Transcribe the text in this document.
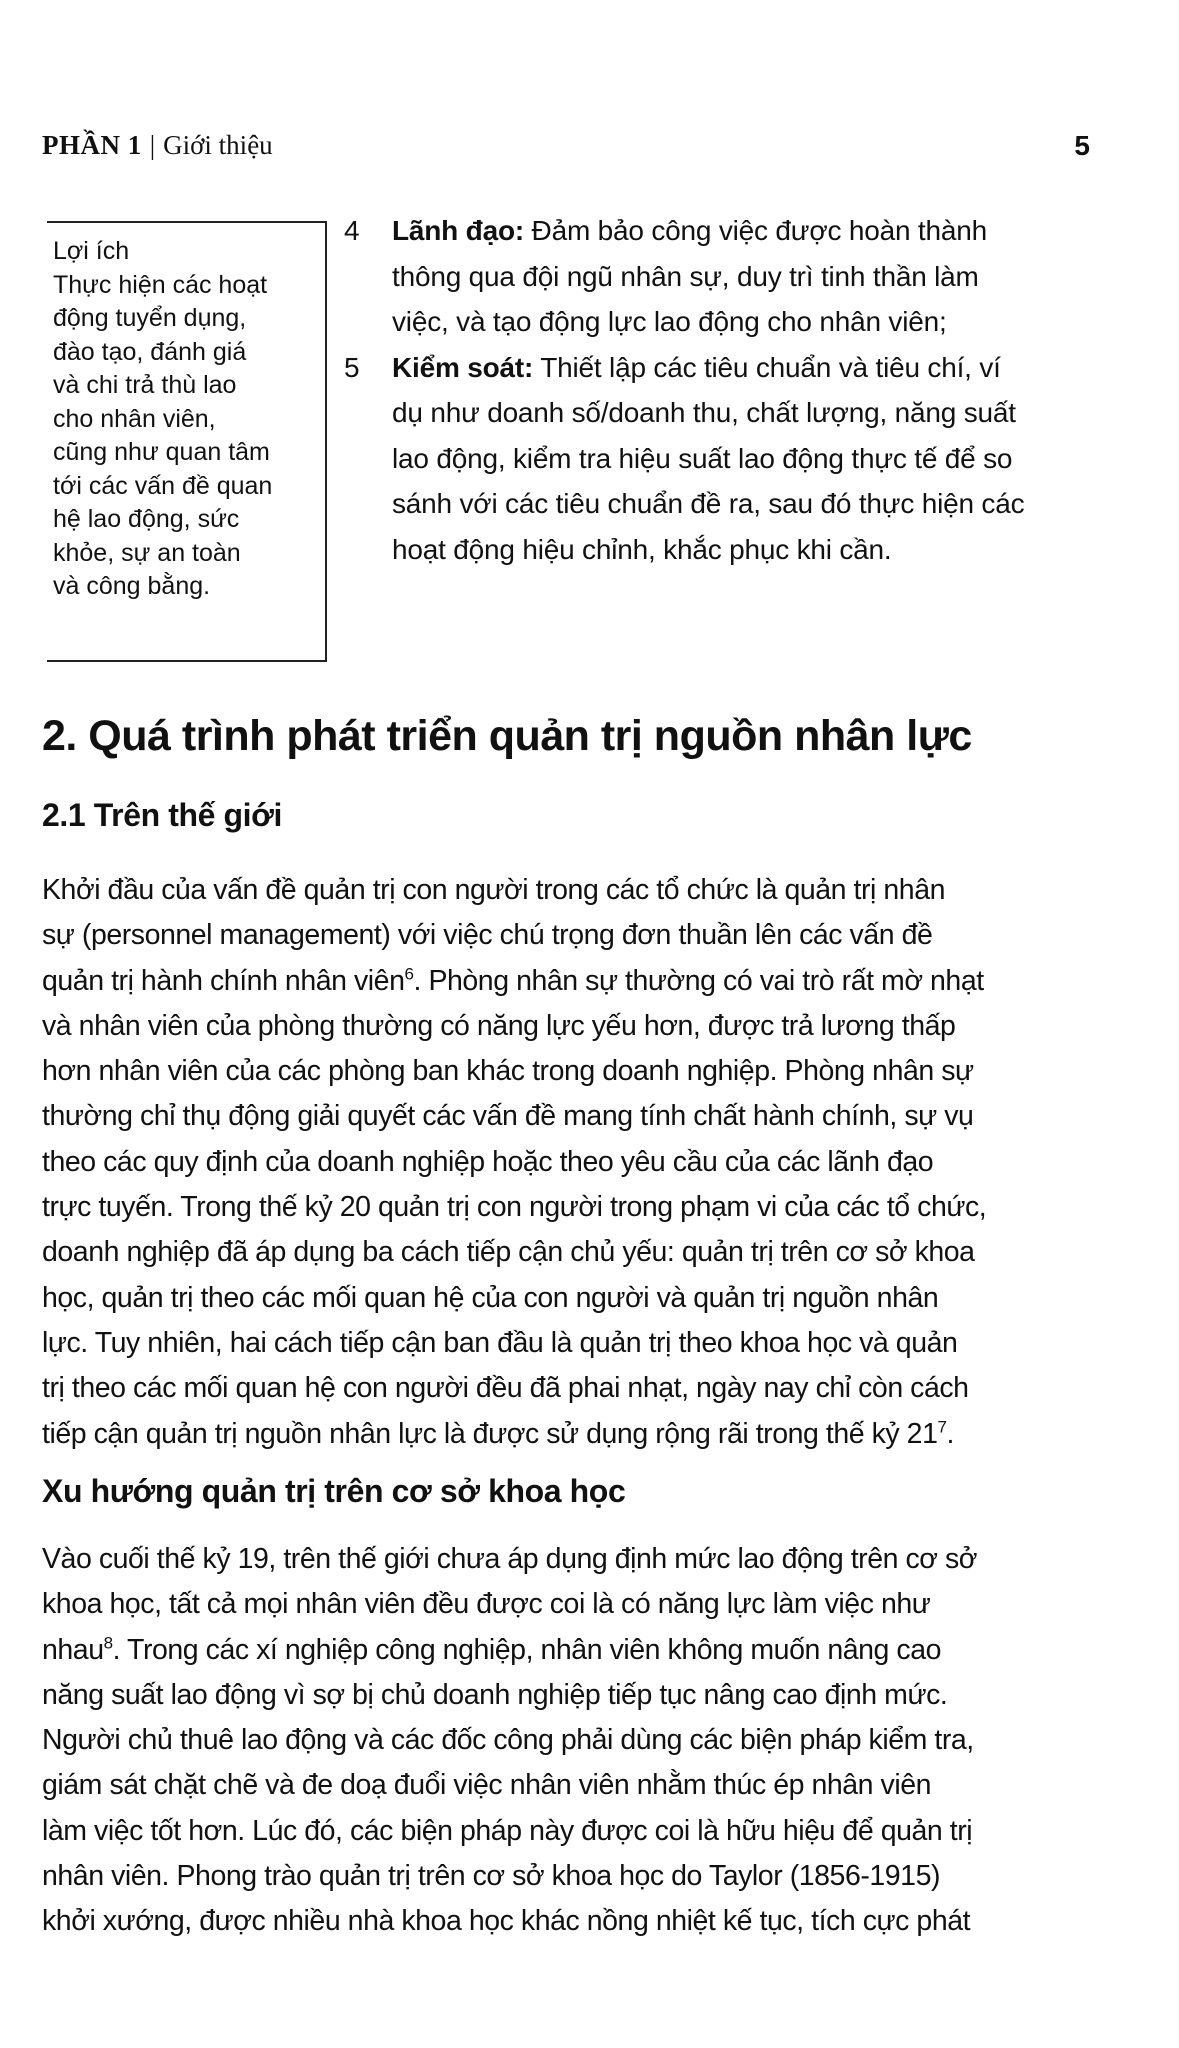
PHẦN 1 | Giới thiệu	5
Lợi ích
Thực hiện các hoạt
động tuyển dụng,
đào tạo, đánh giá
và chi trả thù lao
cho nhân viên,
cũng như quan tâm
tới các vấn đề quan
hệ lao động, sức
khỏe, sự an toàn
và công bằng.
4 Lãnh đạo: Đảm bảo công việc được hoàn thành
thông qua đội ngũ nhân sự, duy trì tinh thần làm
việc, và tạo động lực lao động cho nhân viên;
5 Kiểm soát: Thiết lập các tiêu chuẩn và tiêu chí, ví
dụ như doanh số/doanh thu, chất lượng, năng suất
lao động, kiểm tra hiệu suất lao động thực tế để so
sánh với các tiêu chuẩn đề ra, sau đó thực hiện các
hoạt động hiệu chỉnh, khắc phục khi cần.
2. Quá trình phát triển quản trị nguồn nhân lực
2.1 Trên thế giới
Khởi đầu của vấn đề quản trị con người trong các tổ chức là quản trị nhân
sự (personnel management) với việc chú trọng đơn thuần lên các vấn đề
quản trị hành chính nhân viên$^6$. Phòng nhân sự thường có vai trò rất mờ nhạt
và nhân viên của phòng thường có năng lực yếu hơn, được trả lương thấp
hơn nhân viên của các phòng ban khác trong doanh nghiệp. Phòng nhân sự
thường chỉ thụ động giải quyết các vấn đề mang tính chất hành chính, sự vụ
theo các quy định của doanh nghiệp hoặc theo yêu cầu của các lãnh đạo
trực tuyến. Trong thế kỷ 20 quản trị con người trong phạm vi của các tổ chức,
doanh nghiệp đã áp dụng ba cách tiếp cận chủ yếu: quản trị trên cơ sở khoa
học, quản trị theo các mối quan hệ của con người và quản trị nguồn nhân
lực. Tuy nhiên, hai cách tiếp cận ban đầu là quản trị theo khoa học và quản
trị theo các mối quan hệ con người đều đã phai nhạt, ngày nay chỉ còn cách
tiếp cận quản trị nguồn nhân lực là được sử dụng rộng rãi trong thế kỷ $21^7$.
Xu hướng quản trị trên cơ sở khoa học
Vào cuối thế kỷ 19, trên thế giới chưa áp dụng định mức lao động trên cơ sở
khoa học, tất cả mọi nhân viên đều được coi là có năng lực làm việc như
nhau$^8$. Trong các xí nghiệp công nghiệp, nhân viên không muốn nâng cao
năng suất lao động vì sợ bị chủ doanh nghiệp tiếp tục nâng cao định mức.
Người chủ thuê lao động và các đốc công phải dùng các biện pháp kiểm tra,
giám sát chặt chẽ và đe doạ đuổi việc nhân viên nhằm thúc ép nhân viên
làm việc tốt hơn. Lúc đó, các biện pháp này được coi là hữu hiệu để quản trị
nhân viên. Phong trào quản trị trên cơ sở khoa học do Taylor (1856-1915)
khởi xướng, được nhiều nhà khoa học khác nồng nhiệt kế tục, tích cực phát
